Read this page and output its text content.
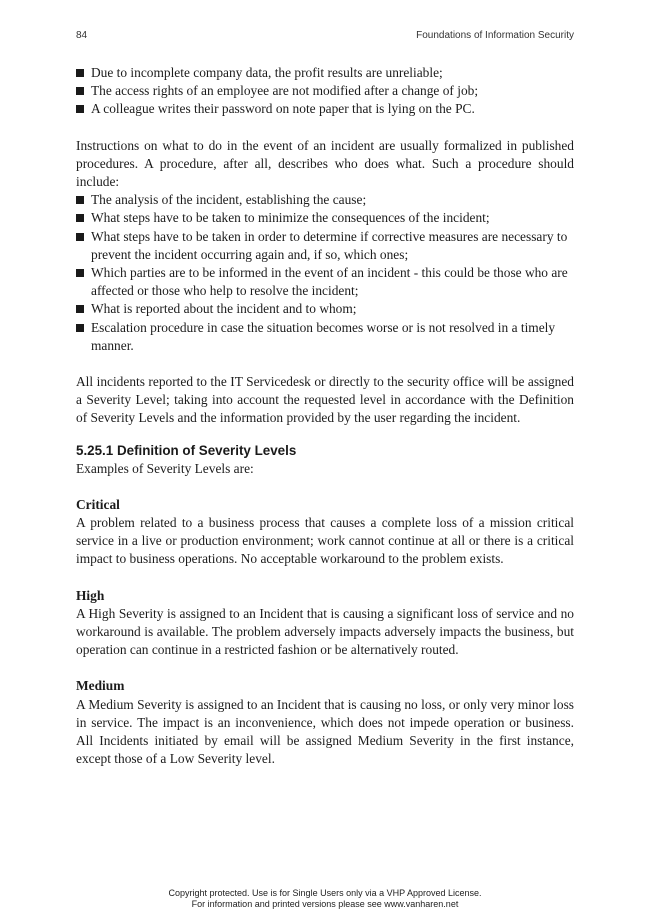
84	Foundations of Information Security
Due to incomplete company data, the profit results are unreliable;
The access rights of an employee are not modified after a change of job;
A colleague writes their password on note paper that is lying on the PC.

Instructions on what to do in the event of an incident are usually formalized in published procedures. A procedure, after all, describes who does what. Such a procedure should include:

The analysis of the incident, establishing the cause;
What steps have to be taken to minimize the consequences of the incident;
What steps have to be taken in order to determine if corrective measures are necessary to prevent the incident occurring again and, if so, which ones;
Which parties are to be informed in the event of an incident - this could be those who are affected or those who help to resolve the incident;
What is reported about the incident and to whom;
Escalation procedure in case the situation becomes worse or is not resolved in a timely manner.

All incidents reported to the IT Servicedesk or directly to the security office will be assigned a Severity Level; taking into account the requested level in accordance with the Definition of Severity Levels and the information provided by the user regarding the incident.

5.25.1 Definition of Severity Levels

Examples of Severity Levels are:

Critical

A problem related to a business process that causes a complete loss of a mission critical service in a live or production environment; work cannot continue at all or there is a critical impact to business operations. No acceptable workaround to the problem exists.

High

A High Severity is assigned to an Incident that is causing a significant loss of service and no workaround is available. The problem adversely impacts adversely impacts the business, but operation can continue in a restricted fashion or be alternatively routed.

Medium

A Medium Severity is assigned to an Incident that is causing no loss, or only very minor loss in service. The impact is an inconvenience, which does not impede operation or business. All Incidents initiated by email will be assigned Medium Severity in the first instance, except those of a Low Severity level.

Copyright protected. Use is for Single Users only via a VHP Approved License.
For information and printed versions please see www.vanharen.net
